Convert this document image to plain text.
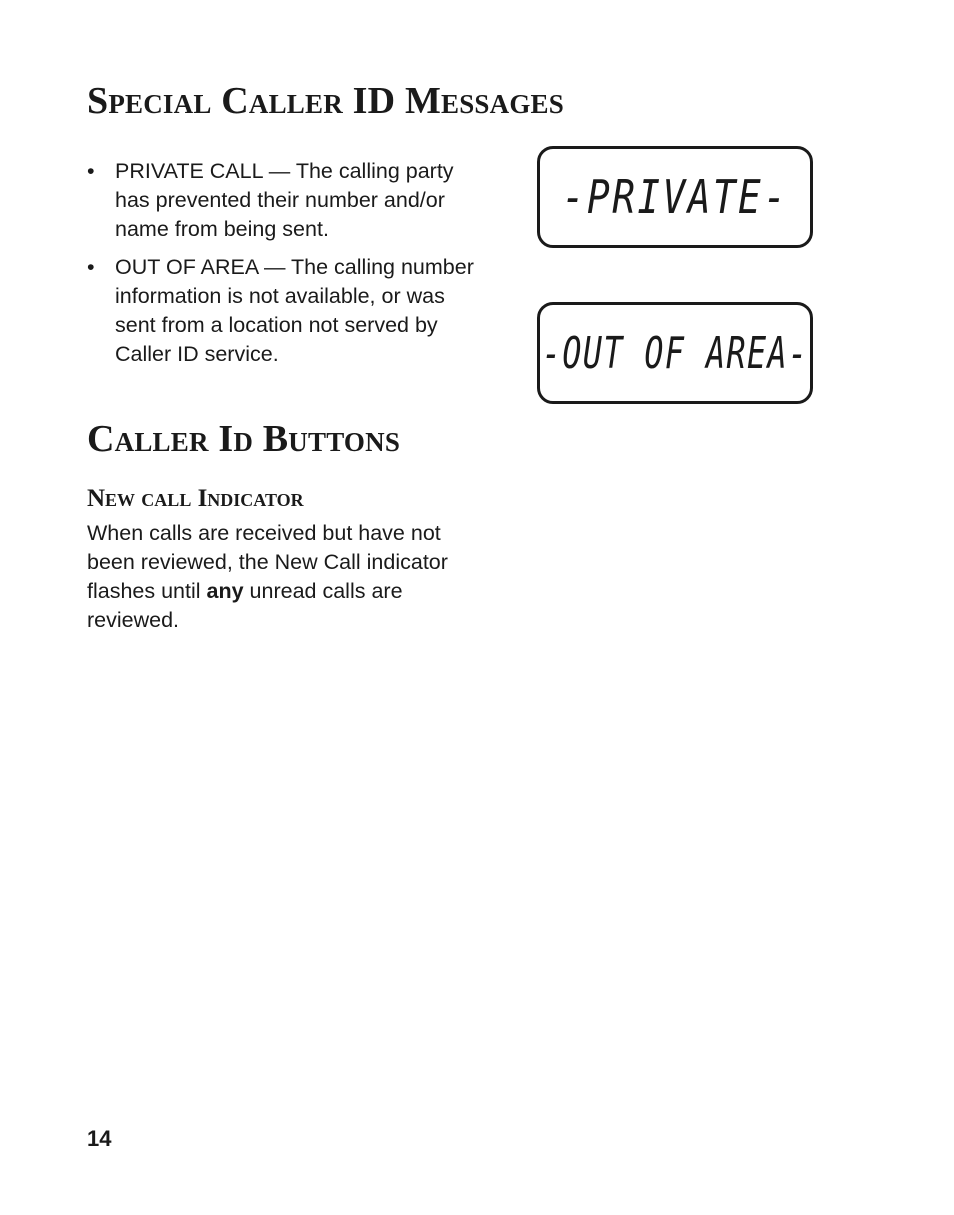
Special Caller ID Messages
• PRIVATE CALL — The calling party has prevented their number and/or name from being sent.
• OUT OF AREA — The calling number information is not available, or was sent from a location not served by Caller ID service.
-PRIVATE-
-OUT OF AREA-
Caller Id Buttons
New call Indicator

When calls are received but have not been reviewed, the New Call indicator flashes until any unread calls are reviewed.

14
